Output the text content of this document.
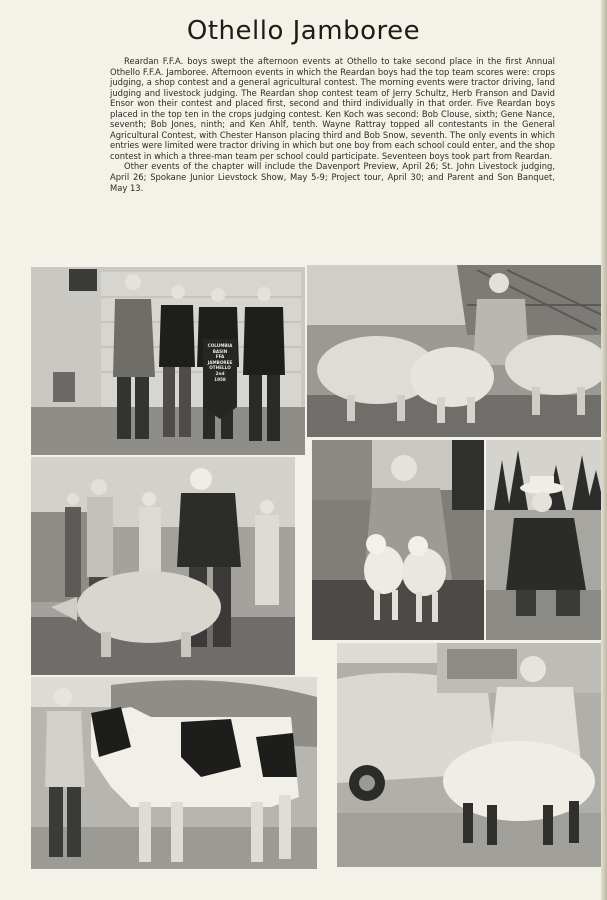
Othello Jamboree

Reardan F.F.A. boys swept the afternoon events at Othello to take second place in the first Annual Othello F.F.A. Jamboree. Afternoon events in which the Reardan boys had the top team scores were: crops judging, a shop contest and a general agricultural contest. The morning events were tractor driving, land judging and livestock judging. The Reardan shop contest team of Jerry Schultz, Herb Franson and David Ensor won their contest and placed first, second and third individually in that order. Five Reardan boys placed in the top ten in the crops judging contest. Ken Koch was second: Bob Clouse, sixth; Gene Nance, seventh; Bob Jones, ninth; and Ken Ahlf, tenth. Wayne Rattray topped all contestants in the General Agricultural Contest, with Chester Hanson placing third and Bob Snow, seventh. The only events in which entries were limited were tractor driving in which but one boy from each school could enter, and the shop contest in which a three-man team per school could participate. Seventeen boys took part from Reardan.

Other events of the chapter will include the Davenport Preview, April 26; St. John Livestock judging, April 26; Spokane Junior Lievstock Show, May 5-9; Project tour, April 30; and Parent and Son Banquet, May 13.

COLUMBIA
BASIN
FFA
JAMBOREE
OTHELLO
2nd
1958
